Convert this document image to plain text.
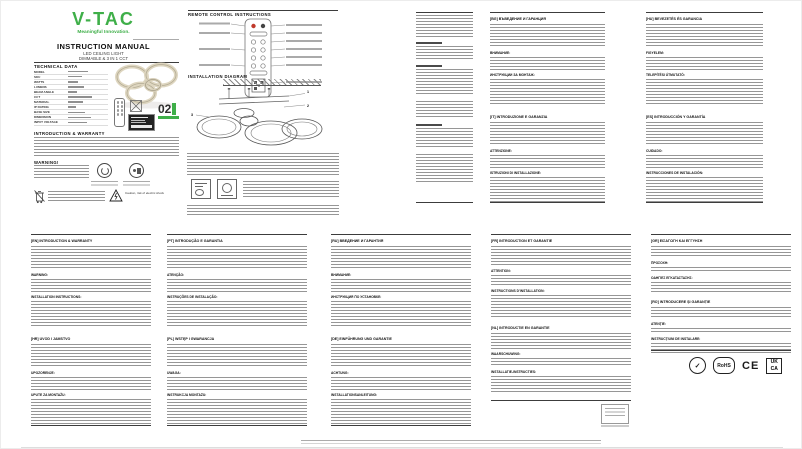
V-TAC
Meaningful Innovation.
INSTRUCTION MANUAL
LED CEILING LIGHT
DIMMABLE & 3 IN 1 CCT
TECHNICAL DATA
MODEL
SKU
WATTS
LUMENS
BEAM ANGLE
CCT
MATERIAL
IP RATING
BASE SIZE
DIMENSION
INPUT VOLTAGE
02
INTRODUCTION & WARRANTY
WARNING!
Caution, risk of electric shock
REMOTE CONTROL INSTRUCTIONS
INSTALLATION DIAGRAM
1
2
3
[BG] ВЪВЕДЕНИЕ И ГАРАНЦИЯ
ВНИМАНИЕ:
ИНСТРУКЦИИ ЗА МОНТАЖ:
[IT] INTRODUZIONE E GARANZIA
ATTENZIONE:
ISTRUZIONI DI INSTALLAZIONE:
[HU] BEVEZETÉS ÉS GARANCIA
FIGYELEM:
TELEPÍTÉSI ÚTMUTATÓ:
[ES] INTRODUCCIÓN Y GARANTÍA
CUIDADO:
INSTRUCCIONES DE INSTALACIÓN:
[EN] INTRODUCTION & WARRANTY
WARNING:
INSTALLATION INSTRUCTIONS:
[HR] UVOD I JAMSTVO
UPOZORENJE:
UPUTE ZA MONTAŽU:
[PT] INTRODUÇÃO E GARANTIA
ATENÇÃO:
INSTRUÇÕES DE INSTALAÇÃO:
[PL] WSTĘP I GWARANCJA
UWAGA:
INSTRUKCJA MONTAŻU:
[RU] ВВЕДЕНИЕ И ГАРАНТИЯ
ВНИМАНИЕ:
ИНСТРУКЦИЯ ПО УСТАНОВКЕ:
[DE] EINFÜHRUNG UND GARANTIE
ACHTUNG:
INSTALLATIONSANLEITUNG:
[FR] INTRODUCTION ET GARANTIE
ATTENTION:
INSTRUCTIONS D'INSTALLATION:
[NL] INTRODUCTIE EN GARANTIE
WAARSCHUWING:
INSTALLATIE-INSTRUCTIES:
[GR] ΕΙΣΑΓΩΓΗ ΚΑΙ ΕΓΓΥΗΣΗ
ΠΡΟΣΟΧΗ:
ΟΔΗΓΙΕΣ ΕΓΚΑΤΑΣΤΑΣΗΣ:
[RO] INTRODUCERE ȘI GARANȚIE
ATENȚIE:
INSTRUCȚIUNI DE INSTALARE:
✓	RoHS	CE	UK
CA
